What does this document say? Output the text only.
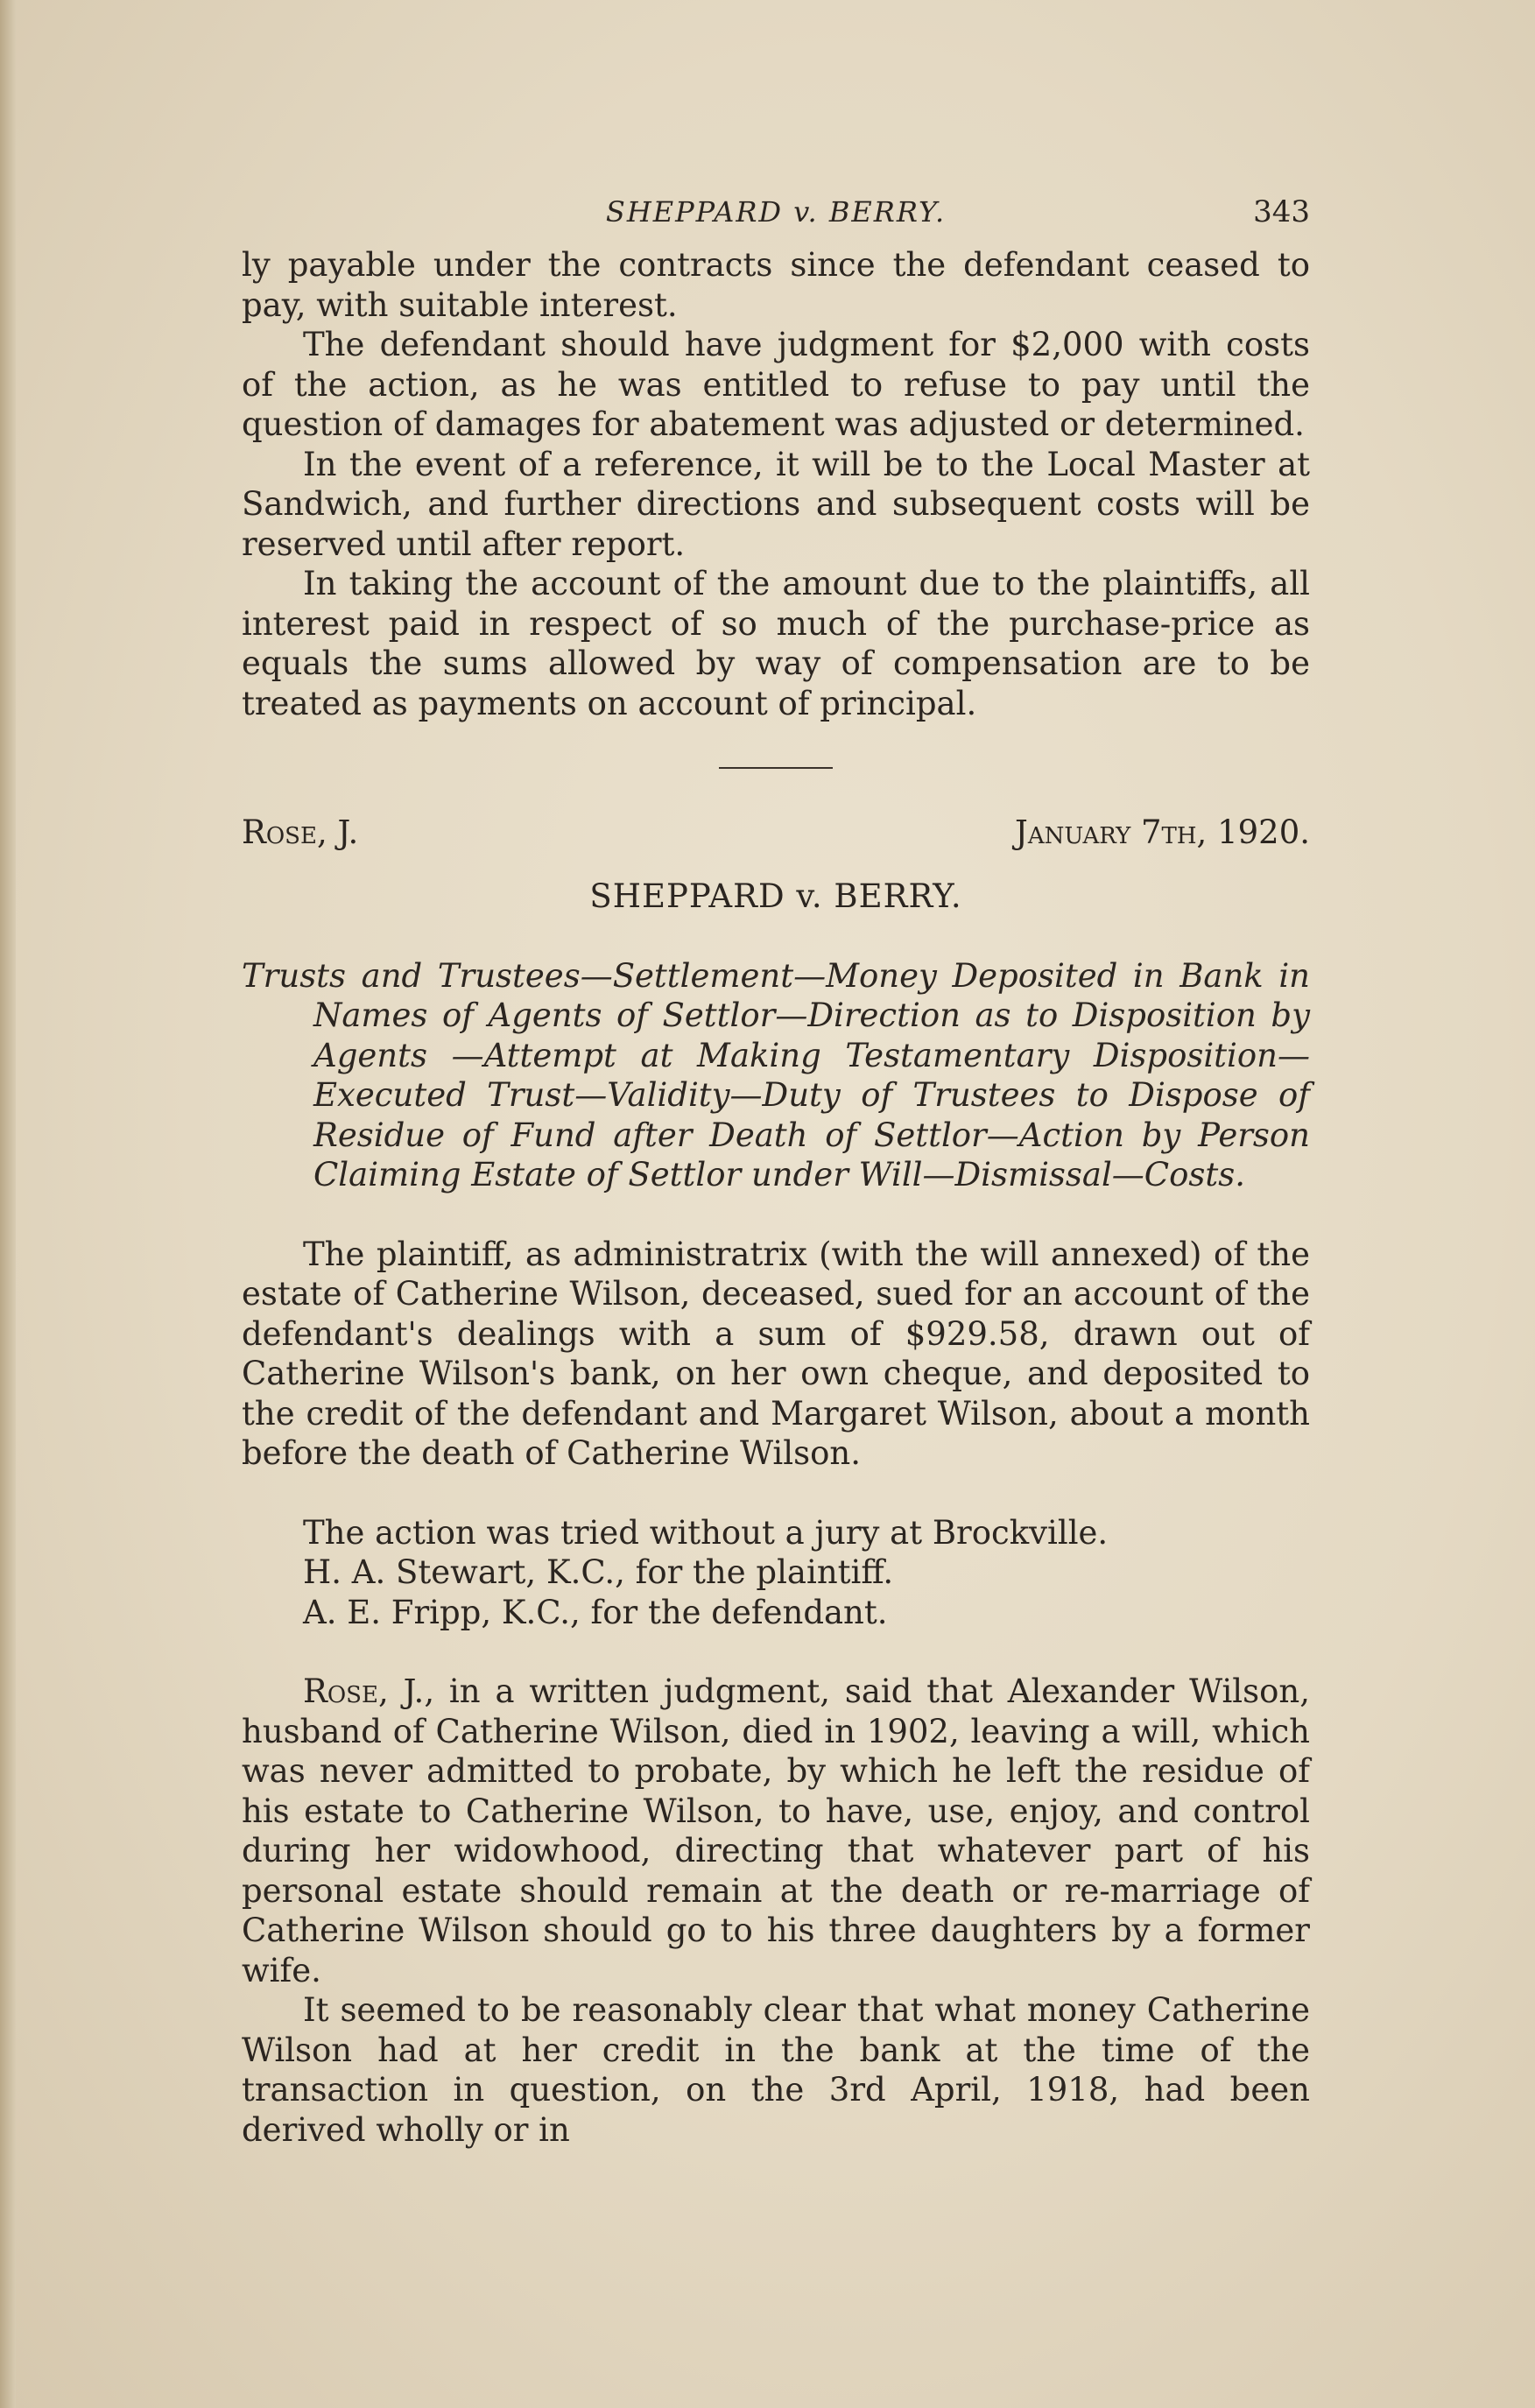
SHEPPARD v. BERRY.	343

ly payable under the contracts since the defendant ceased to pay, with suitable interest.

The defendant should have judgment for $2,000 with costs of the action, as he was entitled to refuse to pay until the question of damages for abatement was adjusted or determined.

In the event of a reference, it will be to the Local Master at Sandwich, and further directions and subsequent costs will be reserved until after report.

In taking the account of the amount due to the plaintiffs, all interest paid in respect of so much of the purchase-price as equals the sums allowed by way of compensation are to be treated as payments on account of principal.

Rose, J.	January 7th, 1920.
SHEPPARD v. BERRY.

Trusts and Trustees—Settlement—Money Deposited in Bank in Names of Agents of Settlor—Direction as to Disposition by Agents —Attempt at Making Testamentary Disposition—Executed Trust—Validity—Duty of Trustees to Dispose of Residue of Fund after Death of Settlor—Action by Person Claiming Estate of Settlor under Will—Dismissal—Costs.

The plaintiff, as administratrix (with the will annexed) of the estate of Catherine Wilson, deceased, sued for an account of the defendant's dealings with a sum of $929.58, drawn out of Catherine Wilson's bank, on her own cheque, and deposited to the credit of the defendant and Margaret Wilson, about a month before the death of Catherine Wilson.

The action was tried without a jury at Brockville.

H. A. Stewart, K.C., for the plaintiff.

A. E. Fripp, K.C., for the defendant.

Rose, J., in a written judgment, said that Alexander Wilson, husband of Catherine Wilson, died in 1902, leaving a will, which was never admitted to probate, by which he left the residue of his estate to Catherine Wilson, to have, use, enjoy, and control during her widowhood, directing that whatever part of his personal estate should remain at the death or re-marriage of Catherine Wilson should go to his three daughters by a former wife.

It seemed to be reasonably clear that what money Catherine Wilson had at her credit in the bank at the time of the transaction in question, on the 3rd April, 1918, had been derived wholly or in
